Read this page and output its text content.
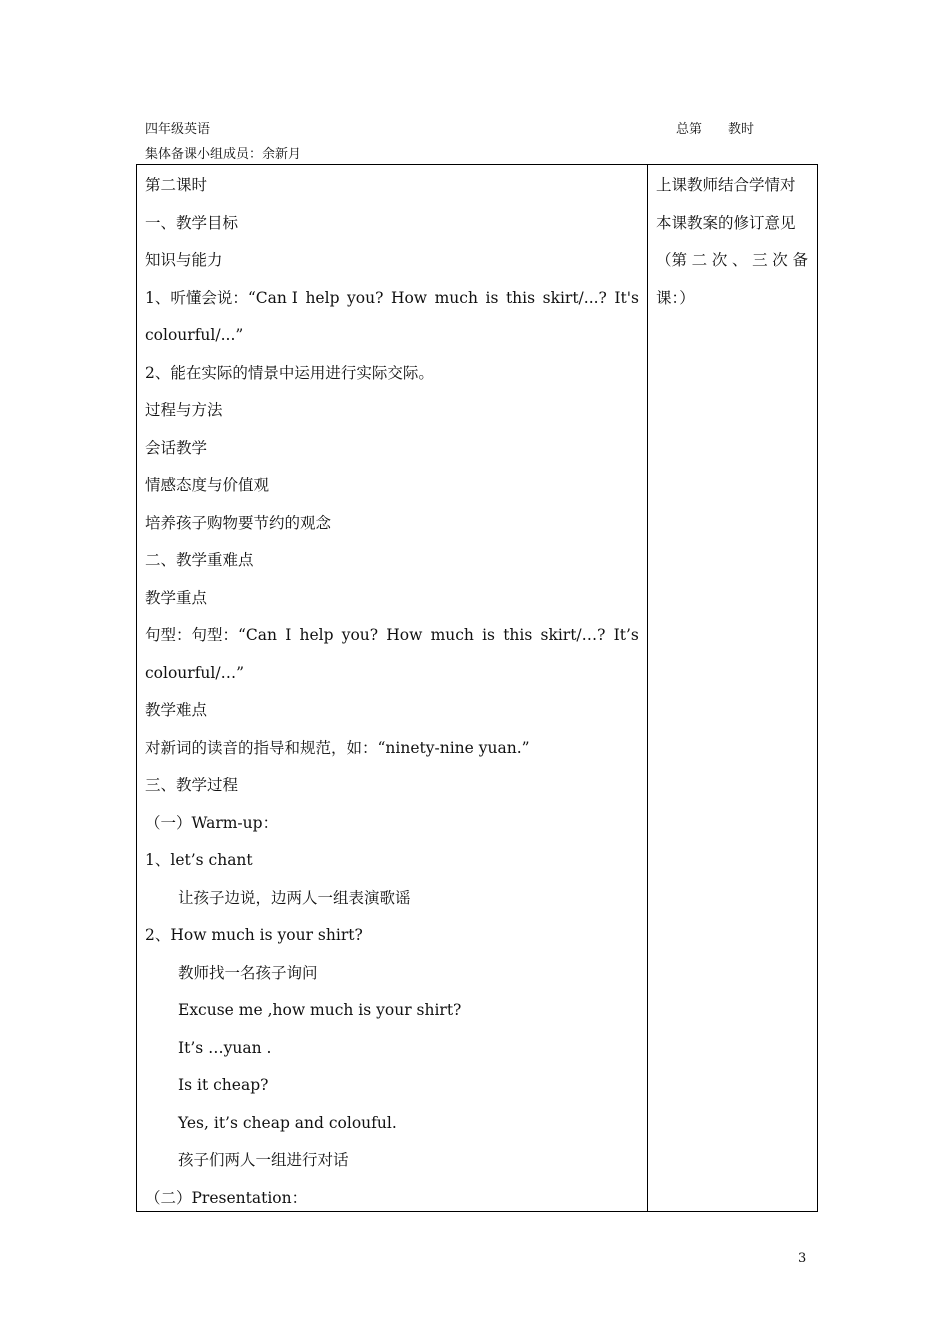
四年级英语
集体备课小组成员：余新月
总第 教时
第二课时
一、教学目标
知识与能力
1、听懂会说：“Can I help you? How much is this skirt/...? It's
colourful/...”
2、能在实际的情景中运用进行实际交际。
过程与方法
会话教学
情感态度与价值观
培养孩子购物要节约的观念
二、教学重难点
教学重点
句型：句型：“Can I help you? How much is this skirt/…? It’s
colourful/…”
教学难点
对新词的读音的指导和规范，如：“ninety-nine yuan.”
三、教学过程
（一）Warm-up：
1、let’s chant
让孩子边说，边两人一组表演歌谣
2、How much is your shirt?
教师找一名孩子询问
Excuse me ,how much is your shirt?
It’s …yuan .
Is it cheap?
Yes, it’s cheap and colouful.
孩子们两人一组进行对话
（二）Presentation：
上课教师结合学情对
本课教案的修订意见
（第 二 次 、 三 次 备
课：）
3
